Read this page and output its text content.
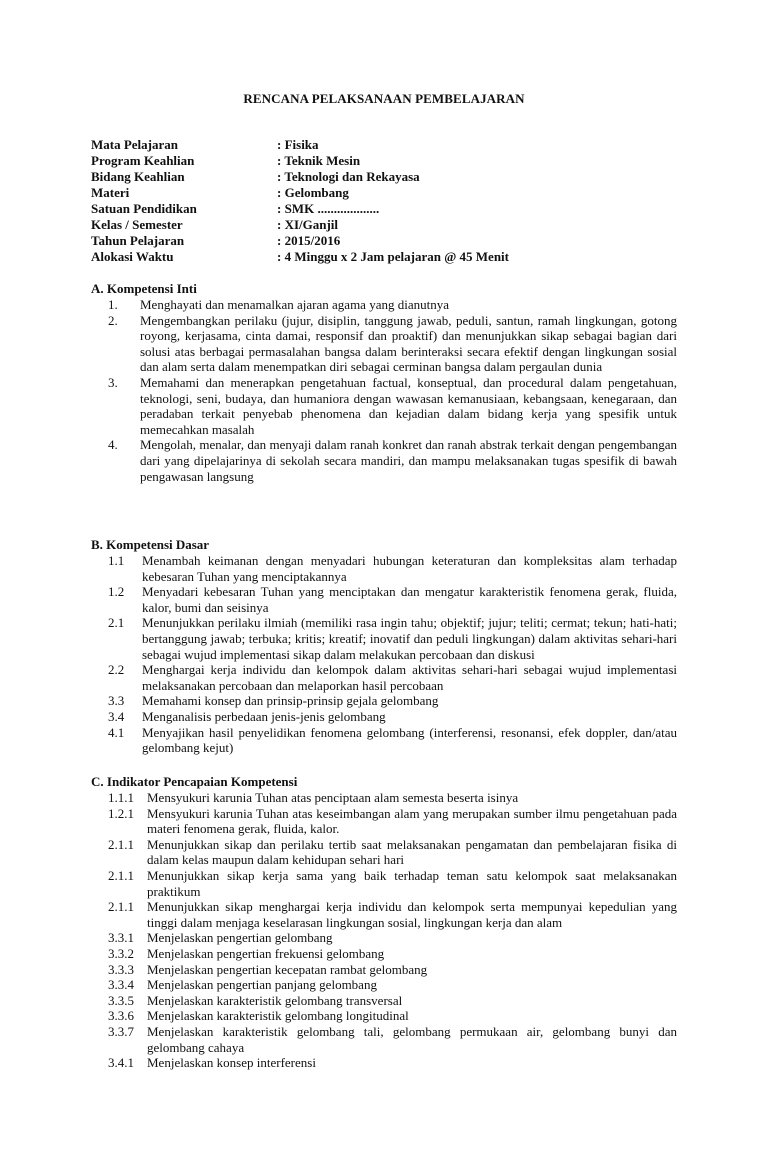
RENCANA PELAKSANAAN PEMBELAJARAN
Mata Pelajaran	: Fisika
Program Keahlian	: Teknik Mesin
Bidang Keahlian	: Teknologi dan Rekayasa
Materi	: Gelombang
Satuan Pendidikan	: SMK ...................
Kelas / Semester	: XI/Ganjil
Tahun Pelajaran	: 2015/2016
Alokasi Waktu	: 4 Minggu x 2 Jam pelajaran @ 45 Menit
A. Kompetensi Inti
1.	Menghayati dan menamalkan ajaran agama yang dianutnya
2.	Mengembangkan perilaku (jujur, disiplin, tanggung jawab, peduli, santun, ramah lingkungan, gotong royong, kerjasama, cinta damai, responsif dan proaktif) dan menunjukkan sikap sebagai bagian dari solusi atas berbagai permasalahan bangsa dalam berinteraksi secara efektif dengan lingkungan sosial dan alam serta dalam menempatkan diri sebagai cerminan bangsa dalam pergaulan dunia
3.	Memahami dan menerapkan pengetahuan factual, konseptual, dan procedural dalam pengetahuan, teknologi, seni, budaya, dan humaniora dengan wawasan kemanusiaan, kebangsaan, kenegaraan, dan peradaban terkait penyebab phenomena dan kejadian dalam bidang kerja yang spesifik untuk memecahkan masalah
4.	Mengolah, menalar, dan menyaji dalam ranah konkret dan ranah abstrak terkait dengan pengembangan dari yang dipelajarinya di sekolah secara mandiri, dan mampu melaksanakan tugas spesifik di bawah pengawasan langsung
B. Kompetensi Dasar
1.1	Menambah keimanan dengan menyadari hubungan keteraturan dan kompleksitas alam terhadap kebesaran Tuhan yang menciptakannya
1.2	Menyadari kebesaran Tuhan yang menciptakan dan mengatur karakteristik fenomena gerak, fluida, kalor, bumi dan seisinya
2.1	Menunjukkan perilaku ilmiah (memiliki rasa ingin tahu; objektif; jujur; teliti; cermat; tekun; hati-hati; bertanggung jawab; terbuka; kritis; kreatif; inovatif dan peduli lingkungan) dalam aktivitas sehari-hari sebagai wujud implementasi sikap dalam melakukan percobaan dan diskusi
2.2	Menghargai kerja individu dan kelompok dalam aktivitas sehari-hari sebagai wujud implementasi melaksanakan percobaan dan melaporkan hasil percobaan
3.3	Memahami konsep dan prinsip-prinsip gejala gelombang
3.4	Menganalisis perbedaan jenis-jenis gelombang
4.1	Menyajikan hasil penyelidikan fenomena gelombang (interferensi, resonansi, efek doppler, dan/atau gelombang kejut)
C. Indikator Pencapaian Kompetensi
1.1.1	Mensyukuri karunia Tuhan atas penciptaan alam semesta beserta isinya
1.2.1	Mensyukuri karunia Tuhan atas keseimbangan alam yang merupakan sumber ilmu pengetahuan pada materi fenomena gerak, fluida, kalor.
2.1.1	Menunjukkan sikap dan perilaku tertib saat melaksanakan pengamatan dan pembelajaran fisika di dalam kelas maupun dalam kehidupan sehari hari
2.1.1	Menunjukkan sikap kerja sama yang baik terhadap teman satu kelompok saat melaksanakan praktikum
2.1.1	Menunjukkan sikap menghargai kerja individu dan kelompok serta mempunyai kepedulian yang tinggi dalam menjaga keselarasan lingkungan sosial, lingkungan kerja dan alam
3.3.1	Menjelaskan pengertian gelombang
3.3.2	Menjelaskan pengertian frekuensi gelombang
3.3.3	Menjelaskan pengertian kecepatan rambat gelombang
3.3.4	Menjelaskan pengertian panjang gelombang
3.3.5	Menjelaskan karakteristik gelombang transversal
3.3.6	Menjelaskan karakteristik gelombang longitudinal
3.3.7	Menjelaskan karakteristik gelombang tali, gelombang permukaan air, gelombang bunyi dan gelombang cahaya
3.4.1	Menjelaskan konsep interferensi
